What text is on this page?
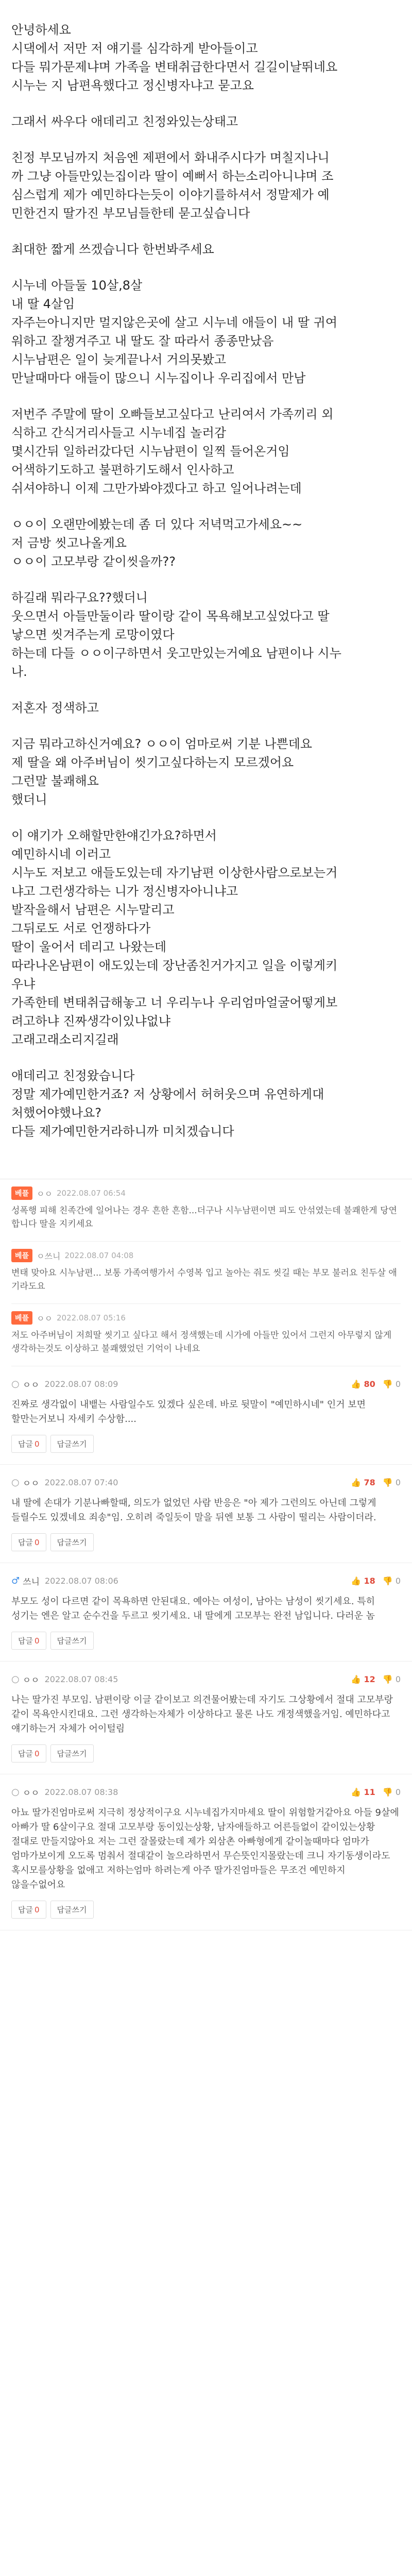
안녕하세요

시댁에서 저만 저 얘기를 심각하게 받아들이고

다들 뭐가문제냐며 가족을 변태취급한다면서 길길이날뛰네요

시누는 지 남편욕했다고 정신병자냐고 묻고요

그래서 싸우다 애데리고 친정와있는상태고

친정 부모님까지 처음엔 제편에서 화내주시다가 며칠지나니

까 그냥 아들만있는집이라 딸이 예뻐서 하는소리아니냐며 조

심스럽게 제가 예민하다는듯이 이야기를하셔서 정말제가 예

민한건지 딸가진 부모님들한테 묻고싶습니다

최대한 짧게 쓰겠습니다 한번봐주세요

시누네 아들둘 10살,8살

내 딸 4살임

자주는아니지만 멀지않은곳에 살고 시누네 애들이 내 딸 귀여

워하고 잘챙겨주고 내 딸도 잘 따라서 종종만났음

시누남편은 일이 늦게끝나서 거의못봤고

만날때마다 애들이 많으니 시누집이나 우리집에서 만남

저번주 주말에 딸이 오빠들보고싶다고 난리여서 가족끼리 외

식하고 간식거리사들고 시누네집 놀러감

몇시간뒤 일하러갔다던 시누남편이 일찍 들어온거임

어색하기도하고 불편하기도해서 인사하고

쉬셔야하니 이제 그만가봐야겠다고 하고 일어나려는데

ㅇㅇ이 오랜만에봤는데 좀 더 있다 저녁먹고가세요~~

저 금방 씻고나올게요

ㅇㅇ이 고모부랑 같이씻을까??

하길래 뭐라구요??했더니

웃으면서 아들만둘이라 딸이랑 같이 목욕해보고싶었다고 딸

낳으면 씻겨주는게 로망이였다

하는데 다들 ㅇㅇ이구하면서 웃고만있는거예요 남편이나 시누

나.

저혼자 정색하고

지금 뭐라고하신거예요? ㅇㅇ이 엄마로써 기분 나쁜데요

제 딸을 왜 아주버님이 씻기고싶다하는지 모르겠어요

그런말 불쾌해요

했더니

이 얘기가 오해할만한얘긴가요?하면서

예민하시네 이러고

시누도 저보고 애들도있는데 자기남편 이상한사람으로보는거

냐고 그런생각하는 니가 정신병자아니냐고

발작을해서 남편은 시누말리고

그뒤로도 서로 언쟁하다가

딸이 울어서 데리고 나왔는데

따라나온남편이 애도있는데 장난좀친거가지고 일을 이렇게키

우냐

가족한테 변태취급해놓고 너 우리누나 우리엄마얼굴어떻게보

려고하냐 진짜생각이있냐없냐

고래고래소리지길래

애데리고 친정왔습니다

정말 제가예민한거죠? 저 상황에서 허허웃으며 유연하게대

처했어야했나요?

다들 제가예민한거라하니까 미치겠습니다

베플 ㅇㅇ 2022.08.07 06:54
성폭행 피해 친족간에 일어나는 경우 흔한 흔함...더구나 시누남편이면 피도 안섞였는데 불쾌한게 당연합니다 딸을 지키세요
베플 ㅇ쓰니 2022.08.07 04:08
변태 맞아요 시누남편... 보통 가족여행가서 수영복 입고 놀아는 줘도 씻길 때는 부모 불러요 친두살 애기라도요
베플 ㅇㅇ 2022.08.07 05:16
저도 아주버님이 저희딸 씻기고 싶다고 해서 정색했는데 시가에 아들만 있어서 그런지 아무렇지 않게 생각하는것도 이상하고 불쾌했었던 기억이 나네요
○ ㅇㅇ 2022.08.07 08:09	👍 80 👎 0
진짜로 생각없이 내뱉는 사람일수도 있겠다 싶은데. 바로 뒷말이 "예민하시네" 인거 보면 할만는거보니 자세키 수상함....
답글 0	답글쓰기
○ ㅇㅇ 2022.08.07 07:40	👍 78 👎 0
내 딸에 손대가 기분나빠할때, 의도가 없었던 사람 반응은 "아 제가 그런의도 아닌데 그렇게 들릴수도 있겠네요 죄송"임. 오히려 죽일듯이 말을 뒤엔 보통 그 사람이 떨리는 사람이더라.
답글 0	답글쓰기
♂ 쓰니 2022.08.07 08:06	👍 18 👎 0
부모도 성이 다르면 같이 목욕하면 안된대요. 예아는 여성이, 남아는 남성이 씻기세요. 특히 성기는 엔은 알고 순수건을 두르고 씻기세요. 내 딸에게 고모부는 완전 남입니다. 다러운 놈
답글 0	답글쓰기
○ ㅇㅇ 2022.08.07 08:45	👍 12 👎 0
나는 딸가진 부모임. 남편이랑 이글 같이보고 의견물어봤는데 자기도 그상황에서 절대 고모부랑 같이 목욕안시킨대요. 그런 생각하는자체가 이상하다고 물론 나도 개정색했을거임. 예민하다고 얘기하는거 자체가 어이털림
답글 0	답글쓰기
○ ㅇㅇ 2022.08.07 08:38	👍 11 👎 0
아뇨 딸가진엄마로써 지극히 정상적이구요 시누네집가지마세요 딸이 위험할거같아요 아들 9살에 아빠가 딸 6살이구요 절대 고모부랑 동이있는상황, 남자애들하고 어른들없이 같이있는상황 절대로 만들지않아요 저는 그런 잘몰랐는데 제가 외삼촌 아빠형에게 같이놀때마다 엄마가 엄마가보이게 오도록 멈춰서 절대같이 놀으라하면서 무슨뜻인지몰랐는데 크니 자기동생이라도 혹시모를상황을 없애고 저하는엄마 하려는게 아주 딸가진엄마들은 무조건 예민하지 않을수없어요
답글 0	답글쓰기
